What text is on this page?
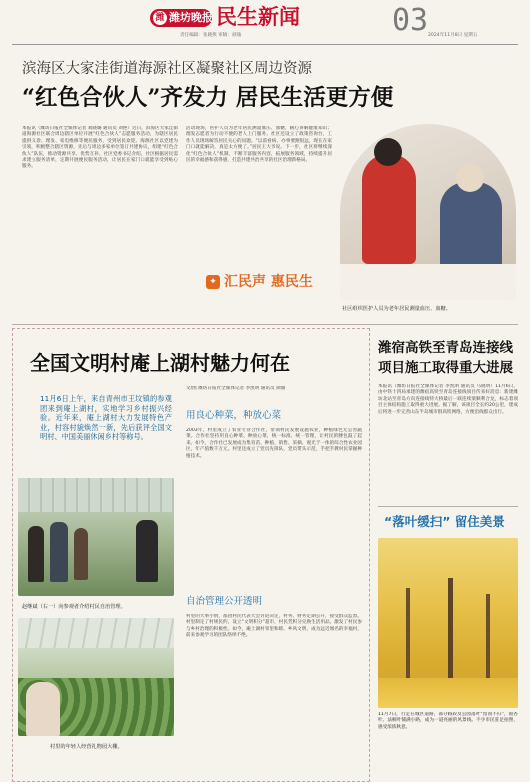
潍 潍坊晚报 民生新闻	03
责任编辑：张晓燕 审稿：颜瑜	2024年11月8日 星期五
滨海区大家洼街道海源社区凝聚社区周边资源
“红色合伙人”齐发力 居民生活更方便
本报讯（潍坊日报社全媒体记者 刘晓璐 通讯员 刘艳）近日，滨海区大家洼街道海源社区联合周边辖区单位开展“红色合伙人”志愿服务活动，为辖区居民提供义诊、理发、家电维修等便民服务，受到居民欢迎。海源社区以党建为引领，积极整合辖区资源，先后与周边多家单位签订共建协议，组建“红色合伙人”队伍，推动资源共享、优势互补。社区党委书记介绍，社区根据居民需求建立服务清单，定期开展便民服务活动，让居民在家门口就能享受到贴心服务。
活动现场，医护人员为老年居民测量血压、血糖，耐心讲解健康知识；理发志愿者为行动不便的老人上门服务。社区还设立了政策咨询台，工作人员现场解答居民关心的问题。“以前看病、办事要跑很远，现在在家门口就能解决，真是太方便了。”居民王大爷说。下一步，社区将继续深化“红色合伙人”机制，不断丰富服务内容，拓展服务领域，持续提升居民的幸福感和获得感，打造共建共治共享的社区治理新格局。
社区组织医护人员为老年居民测量血压、血糖。
✦ 汇民声 惠民生
全国文明村庵上湖村魅力何在
11月6日上午，来自青州市王坟镇的参观团来到庵上湖村，实地学习乡村振兴经验。近年来，庵上湖村大力发展特色产业，村容村貌焕然一新，先后获评全国文明村、中国美丽休闲乡村等称号。
文/图 潍坊日报社全媒体记者 李凯明 通讯员 颜瑜
用良心种菜，种放心菜
2003年，村里成立了农业专业合作社，带领村民发展设施农业，种植绿色无公害蔬菜。合作社坚持用良心种菜、种放心菜，统一标准、统一管理，让村民的腰包鼓了起来。如今，合作社已发展成为集育苗、种植、销售、采摘、观光于一体的综合性农业园区，年产值数千万元。村里还成立了党员先锋队，党员带头示范，手把手教村民掌握种植技术。
自治管理公开透明
村里的大事小情，都由村民代表大会讨论决定，村务、财务定期公开，接受群众监督。村里制定了村规民约，设立“文明积分”超市，村民凭积分兑换生活用品，激发了村民参与乡村治理的积极性。如今，庵上湖村邻里和睦、乡风文明，成为远近闻名的幸福村，前来参观学习的团队络绎不绝。
赵继斌（右一）向参观者介绍村民自治管理。
村里的年轻人经营礼物园大棚。
潍宿高铁至青岛连接线
项目施工取得重大进展
本报讯（潍坊日报社全媒体记者 李凯明 通讯员 马晓明）11月6日，由中铁十四局承建的潍宿高铁至青岛连接线项目传来好消息：新建潍坊北站至青岛方向连接线特大桥最后一联连续梁顺利合龙，标志着项目主体结构施工取得重大进展。据了解，该项目全长约20公里，建成后将进一步完善山东半岛城市群高铁网络，方便沿线群众出行。
“落叶缓扫” 留住美景
11月7日，行走在城区道路，部分路段及公园落叶“留而不扫”，银杏叶、法桐叶铺满小路，成为一道亮丽的风景线。不少市民驻足拍照，感受浓浓秋意。
